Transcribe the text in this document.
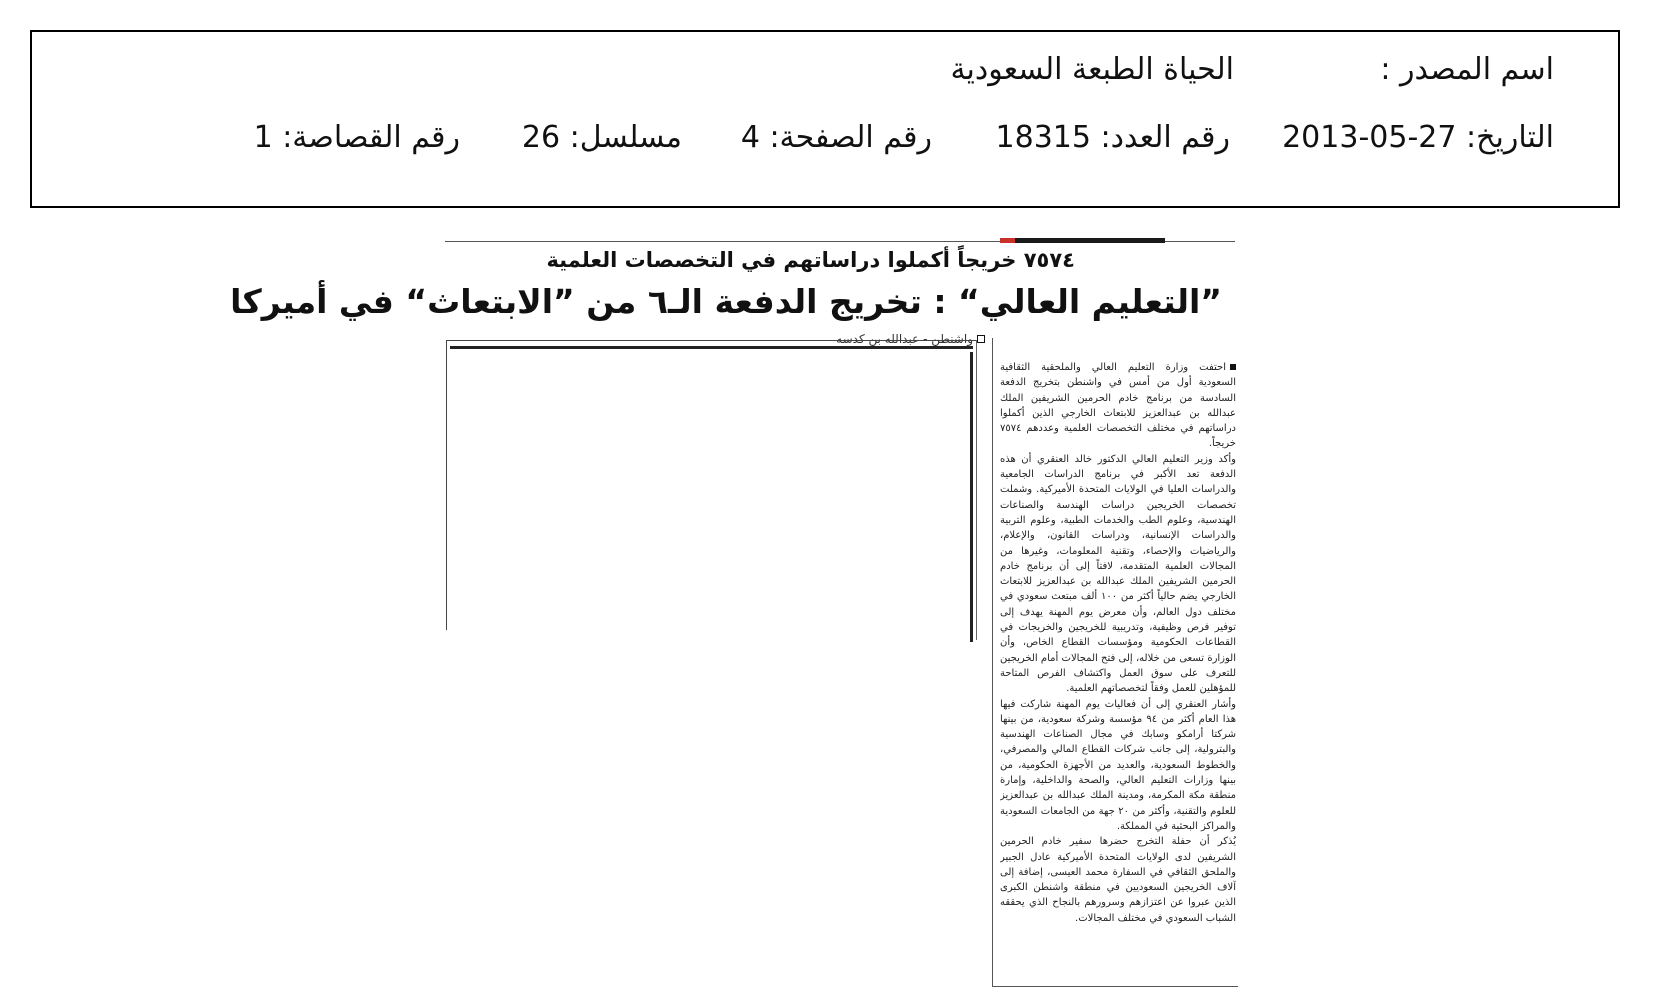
اسم المصدر :
الحياة الطبعة السعودية
التاريخ: 27-05-2013
رقم العدد: 18315
رقم الصفحة: 4
مسلسل: 26
رقم القصاصة: 1
٧٥٧٤ خريجاً أكملوا دراساتهم في التخصصات العلمية
”التعليم العالي“ : تخريج الدفعة الـ٦ من ”الابتعاث“ في أميركا
واشنطن - عبدالله بن كدسه

احتفت وزارة التعليم العالي والملحقية الثقافية السعودية أول من أمس في واشنطن بتخريج الدفعة السادسة من برنامج خادم الحرمين الشريفين الملك عبدالله بن عبدالعزيز للابتعاث الخارجي الذين أكملوا دراساتهم في مختلف التخصصات العلمية وعددهم ٧٥٧٤ خريجاً.

وأكد وزير التعليم العالي الدكتور خالد العنقري أن هذه الدفعة تعد الأكبر في برنامج الدراسات الجامعية والدراسات العليا في الولايات المتحدة الأميركية. وشملت تخصصات الخريجين دراسات الهندسة والصناعات الهندسية، وعلوم الطب والخدمات الطبية، وعلوم التربية والدراسات الإنسانية، ودراسات القانون، والإعلام، والرياضيات والإحصاء، وتقنية المعلومات، وغيرها من المجالات العلمية المتقدمة، لافتاً إلى أن برنامج خادم الحرمين الشريفين الملك عبدالله بن عبدالعزيز للابتعاث الخارجي يضم حالياً أكثر من ١٠٠ ألف مبتعث سعودي في مختلف دول العالم، وأن معرض يوم المهنة يهدف إلى توفير فرص وظيفية، وتدريبية للخريجين والخريجات في القطاعات الحكومية ومؤسسات القطاع الخاص، وأن الوزارة تسعى من خلاله، إلى فتح المجالات أمام الخريجين للتعرف على سوق العمل واكتشاف الفرص المتاحة للمؤهلين للعمل وفقاً لتخصصاتهم العلمية.

وأشار العنقري إلى أن فعاليات يوم المهنة شاركت فيها هذا العام أكثر من ٩٤ مؤسسة وشركة سعودية، من بينها شركتا أرامكو وسابك في مجال الصناعات الهندسية والبترولية، إلى جانب شركات القطاع المالي والمصرفي، والخطوط السعودية، والعديد من الأجهزة الحكومية، من بينها وزارات التعليم العالي، والصحة والداخلية، وإمارة منطقة مكة المكرمة، ومدينة الملك عبدالله بن عبدالعزيز للعلوم والتقنية، وأكثر من ٢٠ جهة من الجامعات السعودية والمراكز البحثية في المملكة.

يُذكر أن حفلة التخرج حضرها سفير خادم الحرمين الشريفين لدى الولايات المتحدة الأميركية عادل الجبير والملحق الثقافي في السفارة محمد العيسى، إضافة إلى آلاف الخريجين السعوديين في منطقة واشنطن الكبرى الذين عبروا عن اعتزازهم وسرورهم بالنجاح الذي يحققه الشباب السعودي في مختلف المجالات.
